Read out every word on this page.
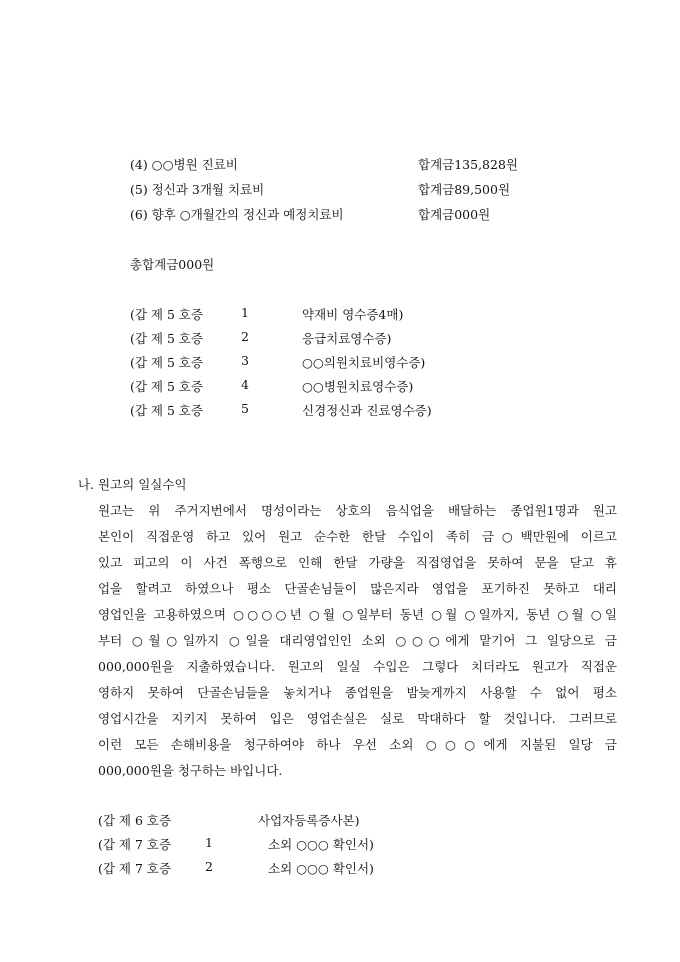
(4) ○○병원 진료비	합계금135,828원
(5) 정신과 3개월 치료비	합계금89,500원
(6) 향후 ○개월간의 정신과 예정치료비	합계금000원
총합계금000원
(갑 제 5 호증	1	약재비 영수증4매)
(갑 제 5 호증	2	응급치료영수증)
(갑 제 5 호증	3	○○의원치료비영수증)
(갑 제 5 호증	4	○○병원치료영수증)
(갑 제 5 호증	5	신경정신과 진료영수증)
나. 원고의 일실수익
원고는 위 주거지번에서 명성이라는 상호의 음식업을 배달하는 종업원1명과 원고
본인이 직접운영 하고 있어 원고 순수한 한달 수입이 족히 금○백만원에 이르고
있고 피고의 이 사건 폭행으로 인해 한달 가량을 직접영업을 못하여 문을 닫고 휴
업을 할려고 하였으나 평소 단골손님들이 많은지라 영업을 포기하진 못하고 대리
영업인을 고용하였으며 ○○○○년 ○월 ○일부터 동년 ○월 ○일까지, 동년 ○월 ○일
부터 ○월○일까지 ○일을 대리영업인인 소외 ○○○에게 맡기어 그 일당으로 금
000,000원을 지출하였습니다. 원고의 일실 수입은 그렇다 치더라도 원고가 직접운
영하지 못하여 단골손님들을 놓치거나 종업원을 밤늦게까지 사용할 수 없어 평소
영업시간을 지키지 못하여 입은 영업손실은 실로 막대하다 할 것입니다. 그러므로
이런 모든 손해비용을 청구하여야 하나 우선 소외 ○○○에게 지불된 일당 금
000,000원을 청구하는 바입니다.
(갑 제 6 호증	사업자등록증사본)
(갑 제 7 호증	1	소외 ○○○ 확인서)
(갑 제 7 호증	2	소외 ○○○ 확인서)
